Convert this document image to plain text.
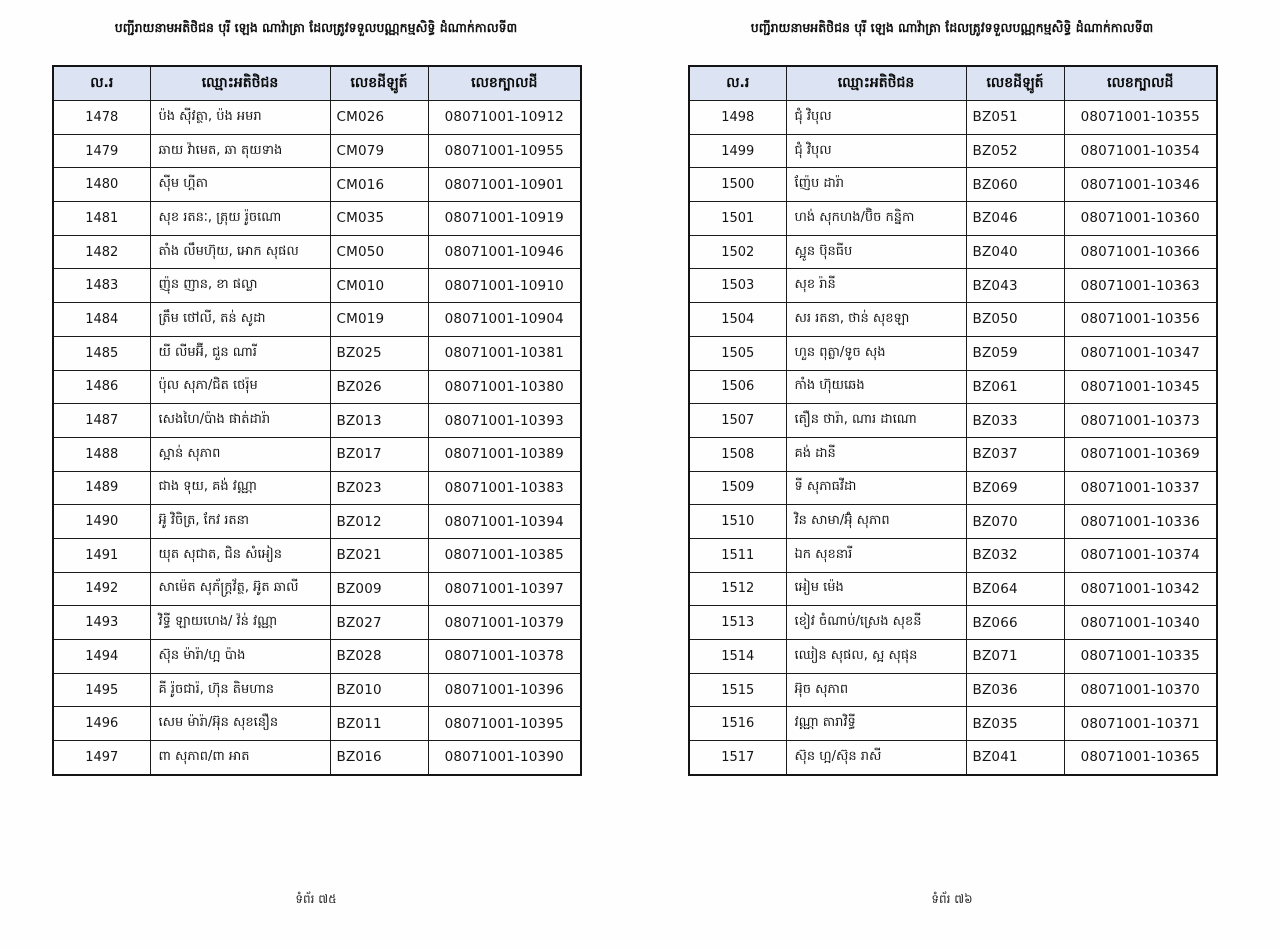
បញ្ជីរាយនាមអតិថិជន បុរី ឡេង ណាវ៉ាត្រា ដែលត្រូវទទួលបណ្ណកម្មសិទ្ធិ ដំណាក់កាលទី៣
ល.រ	ឈ្មោះអតិថិជន	លេខដីឡូត៍	លេខក្បាលដី
1478	ប៉ង ស៊ីវត្ថា, ប៉ង អមរា	CM026	08071001-10912
1479	ឆាយ វ៉ាមេត, ឆា តុយទាង	CM079	08071001-10955
1480	ស៊ីម ហ្គីតា	CM016	08071001-10901
1481	សុខ រតនៈ, ត្រុយ រ៉ូចណោ	CM035	08071001-10919
1482	តាំង លឹមហ៊ុយ, អោក សុផល	CM050	08071001-10946
1483	ញ៉ុន ញាន, ខា ផល្លា	CM010	08071001-10910
1484	ត្រឹម ថៅលី, តន់ សូដា	CM019	08071001-10904
1485	យី លីមអ៊ី, ជួន ណារី	BZ025	08071001-10381
1486	ប៉ុល សុភា/ជិត ថេរ៉ុម	BZ026	08071001-10380
1487	សេងហៃ/ប៉ាង ផាត់ដារ៉ា	BZ013	08071001-10393
1488	ស្អាន់ សុភាព	BZ017	08071001-10389
1489	ជាង ទុយ, គង់ វណ្ណា	BZ023	08071001-10383
1490	អ៊ូ វិចិត្រ, កែវ រតនា	BZ012	08071001-10394
1491	យុត សុជាត, ជិន សំអៀន	BZ021	08071001-10385
1492	សាម៉េត សុភ័ក្ត្រវ័ត្ថ, អ៊ូត ឆាលី	BZ009	08071001-10397
1493	វិទ្ធី ឡាយហេង/ វ៉ន់ វណ្ណា	BZ027	08071001-10379
1494	ស៊ុន ម៉ារ៉ា/ហ្អ ប៉ាង	BZ028	08071001-10378
1495	គី រ៉ូចជារ៉, ហ៊ុន តិមហាន	BZ010	08071001-10396
1496	សេម ម៉ារ៉ា/អ៊ុន សុខនឿន	BZ011	08071001-10395
1497	ពា សុភាព/ពា អាត	BZ016	08071001-10390
ទំព័រ ៧៥
បញ្ជីរាយនាមអតិថិជន បុរី ឡេង ណាវ៉ាត្រា ដែលត្រូវទទួលបណ្ណកម្មសិទ្ធិ ដំណាក់កាលទី៣
ល.រ	ឈ្មោះអតិថិជន	លេខដីឡូត៍	លេខក្បាលដី
1498	ជុំ វិបុល	BZ051	08071001-10355
1499	ជុំ វិបុល	BZ052	08071001-10354
1500	ញ៉ែប ដារ៉ា	BZ060	08071001-10346
1501	ហង់ សុកហង/ប៊ិច កន្និកា	BZ046	08071001-10360
1502	ស្អូន ប៊ុនធីប	BZ040	08071001-10366
1503	សុខ រ៉ានី	BZ043	08071001-10363
1504	សរ រតនា, ថាន់ សុខឡា	BZ050	08071001-10356
1505	ហួន ពុត្លា/ទូច សុង	BZ059	08071001-10347
1506	កាំង ហ៊ុយឆេង	BZ061	08071001-10345
1507	តឿន ថារ៉ា, ណារ ដាណោ	BZ033	08071001-10373
1508	គង់ ដានី	BZ037	08071001-10369
1509	ទី សុភាធវីដា	BZ069	08071001-10337
1510	វិន សាមា/អ៊ុំ សុភាព	BZ070	08071001-10336
1511	ឯក សុខនារី	BZ032	08071001-10374
1512	អៀម ម៉េង	BZ064	08071001-10342
1513	ខៀវ ចំណាប់/ស្រេង សុខនី	BZ066	08071001-10340
1514	ឈៀន សុផល, ស្អ សុផុន	BZ071	08071001-10335
1515	អ៊ុច សុភាព	BZ036	08071001-10370
1516	វណ្ណា តារាវិទ្ធី	BZ035	08071001-10371
1517	ស៊ុន ហ្អ/ស៊ុន រាសី	BZ041	08071001-10365
ទំព័រ ៧៦
